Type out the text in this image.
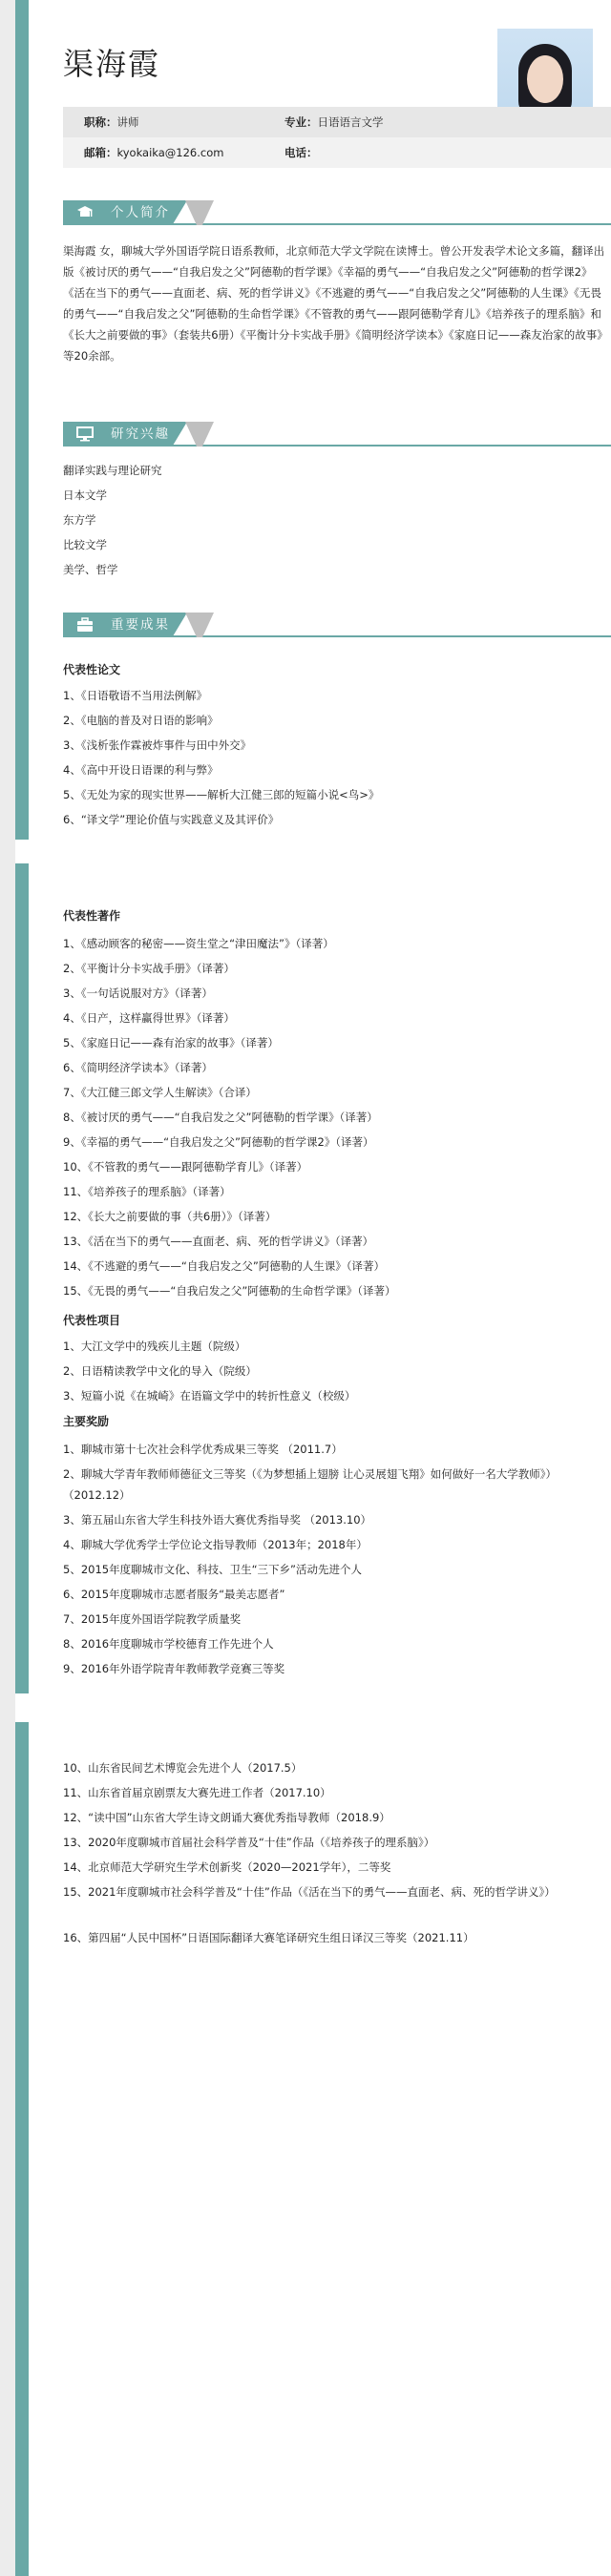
渠海霞
职称：讲师	专业：日语语言文学
邮箱：kyokaika@126.com	电话：
个人简介

渠海霞 女，聊城大学外国语学院日语系教师，北京师范大学文学院在读博士。曾公开发表学术论文多篇，翻译出版《被讨厌的勇气——“自我启发之父”阿德勒的哲学课》《幸福的勇气——“自我启发之父”阿德勒的哲学课2》《活在当下的勇气——直面老、病、死的哲学讲义》《不逃避的勇气——“自我启发之父”阿德勒的人生课》《无畏的勇气——“自我启发之父”阿德勒的生命哲学课》《不管教的勇气——跟阿德勒学育儿》《培养孩子的理系脑》和《长大之前要做的事》（套装共6册）《平衡计分卡实战手册》《简明经济学读本》《家庭日记——森友治家的故事》等20余部。

研究兴趣
翻译实践与理论研究
日本文学
东方学
比较文学
美学、哲学
重要成果
代表性论文
1、《日语敬语不当用法例解》
2、《电脑的普及对日语的影响》
3、《浅析张作霖被炸事件与田中外交》
4、《高中开设日语课的利与弊》
5、《无处为家的现实世界——解析大江健三郎的短篇小说<鸟>》
6、“译文学”理论价值与实践意义及其评价》
代表性著作
1、《感动顾客的秘密——资生堂之“津田魔法”》（译著）
2、《平衡计分卡实战手册》（译著）
3、《一句话说服对方》（译著）
4、《日产，这样赢得世界》（译著）
5、《家庭日记——森有治家的故事》（译著）
6、《简明经济学读本》（译著）
7、《大江健三郎文学人生解读》（合译）
8、《被讨厌的勇气——“自我启发之父”阿德勒的哲学课》（译著）
9、《幸福的勇气——“自我启发之父”阿德勒的哲学课2》（译著）
10、《不管教的勇气——跟阿德勒学育儿》（译著）
11、《培养孩子的理系脑》（译著）
12、《长大之前要做的事（共6册）》（译著）
13、《活在当下的勇气——直面老、病、死的哲学讲义》（译著）
14、《不逃避的勇气——“自我启发之父”阿德勒的人生课》（译著）
15、《无畏的勇气——“自我启发之父”阿德勒的生命哲学课》（译著）
代表性项目
1、大江文学中的残疾儿主题（院级）
2、日语精读教学中文化的导入（院级）
3、短篇小说《在城崎》在语篇文学中的转折性意义（校级）
主要奖励
1、聊城市第十七次社会科学优秀成果三等奖 （2011.7）
2、聊城大学青年教师师德征文三等奖（《为梦想插上翅膀 让心灵展翅飞翔》如何做好一名大学教师》）（2012.12）
3、第五届山东省大学生科技外语大赛优秀指导奖 （2013.10）
4、聊城大学优秀学士学位论文指导教师（2013年；2018年）
5、2015年度聊城市文化、科技、卫生“三下乡”活动先进个人
6、2015年度聊城市志愿者服务“最美志愿者”
7、2015年度外国语学院教学质量奖
8、2016年度聊城市学校德育工作先进个人
9、2016年外语学院青年教师教学竞赛三等奖
10、山东省民间艺术博览会先进个人（2017.5）
11、山东省首届京剧票友大赛先进工作者（2017.10）
12、“读中国”山东省大学生诗文朗诵大赛优秀指导教师（2018.9）
13、2020年度聊城市首届社会科学普及“十佳”作品（《培养孩子的理系脑》）
14、北京师范大学研究生学术创新奖（2020—2021学年），二等奖
15、2021年度聊城市社会科学普及“十佳”作品（《活在当下的勇气——直面老、病、死的哲学讲义》）
16、第四届“人民中国杯”日语国际翻译大赛笔译研究生组日译汉三等奖（2021.11）
